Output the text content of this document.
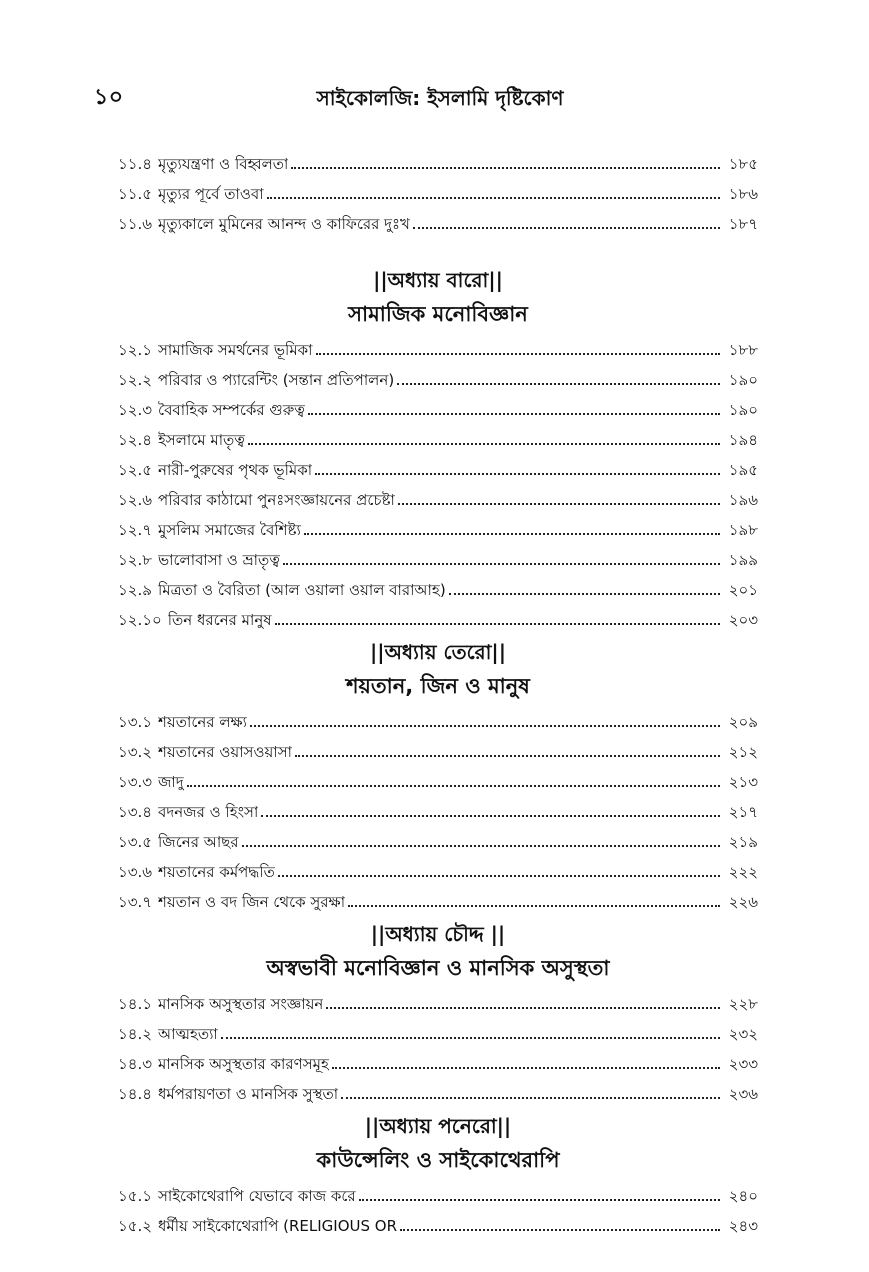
১০	সাইকোলজি: ইসলামি দৃষ্টিকোণ
১১.৪ মৃত্যুযন্ত্রণা ও বিহ্বলতা	১৮৫
১১.৫ মৃত্যুর পূর্বে তাওবা	১৮৬
১১.৬ মৃত্যুকালে মুমিনের আনন্দ ও কাফিরের দুঃখ	১৮৭
||অধ্যায় বারো||
সামাজিক মনোবিজ্ঞান
১২.১ সামাজিক সমর্থনের ভূমিকা	১৮৮
১২.২ পরিবার ও প্যারেন্টিং (সন্তান প্রতিপালন)	১৯০
১২.৩ বৈবাহিক সম্পর্কের গুরুত্ব	১৯০
১২.৪ ইসলামে মাতৃত্ব	১৯৪
১২.৫ নারী-পুরুষের পৃথক ভূমিকা	১৯৫
১২.৬ পরিবার কাঠামো পুনঃসংজ্ঞায়নের প্রচেষ্টা	১৯৬
১২.৭ মুসলিম সমাজের বৈশিষ্ট্য	১৯৮
১২.৮ ভালোবাসা ও ভ্রাতৃত্ব	১৯৯
১২.৯ মিত্রতা ও বৈরিতা (আল ওয়ালা ওয়াল বারাআহ)	২০১
১২.১০ তিন ধরনের মানুষ	২০৩
||অধ্যায় তেরো||
শয়তান, জিন ও মানুষ
১৩.১ শয়তানের লক্ষ্য	২০৯
১৩.২ শয়তানের ওয়াসওয়াসা	২১২
১৩.৩ জাদু	২১৩
১৩.৪ বদনজর ও হিংসা	২১৭
১৩.৫ জিনের আছর	২১৯
১৩.৬ শয়তানের কর্মপদ্ধতি	২২২
১৩.৭ শয়তান ও বদ জিন থেকে সুরক্ষা	২২৬
||অধ্যায় চৌদ্দ ||
অস্বভাবী মনোবিজ্ঞান ও মানসিক অসুস্থতা
১৪.১ মানসিক অসুস্থতার সংজ্ঞায়ন	২২৮
১৪.২ আত্মহত্যা	২৩২
১৪.৩ মানসিক অসুস্থতার কারণসমূহ	২৩৩
১৪.৪ ধর্মপরায়ণতা ও মানসিক সুস্থতা	২৩৬
||অধ্যায় পনেরো||
কাউন্সেলিং ও সাইকোথেরাপি
১৫.১ সাইকোথেরাপি যেভাবে কাজ করে	২৪০
১৫.২ ধর্মীয় সাইকোথেরাপি (RELIGIOUS OR	২৪৩
